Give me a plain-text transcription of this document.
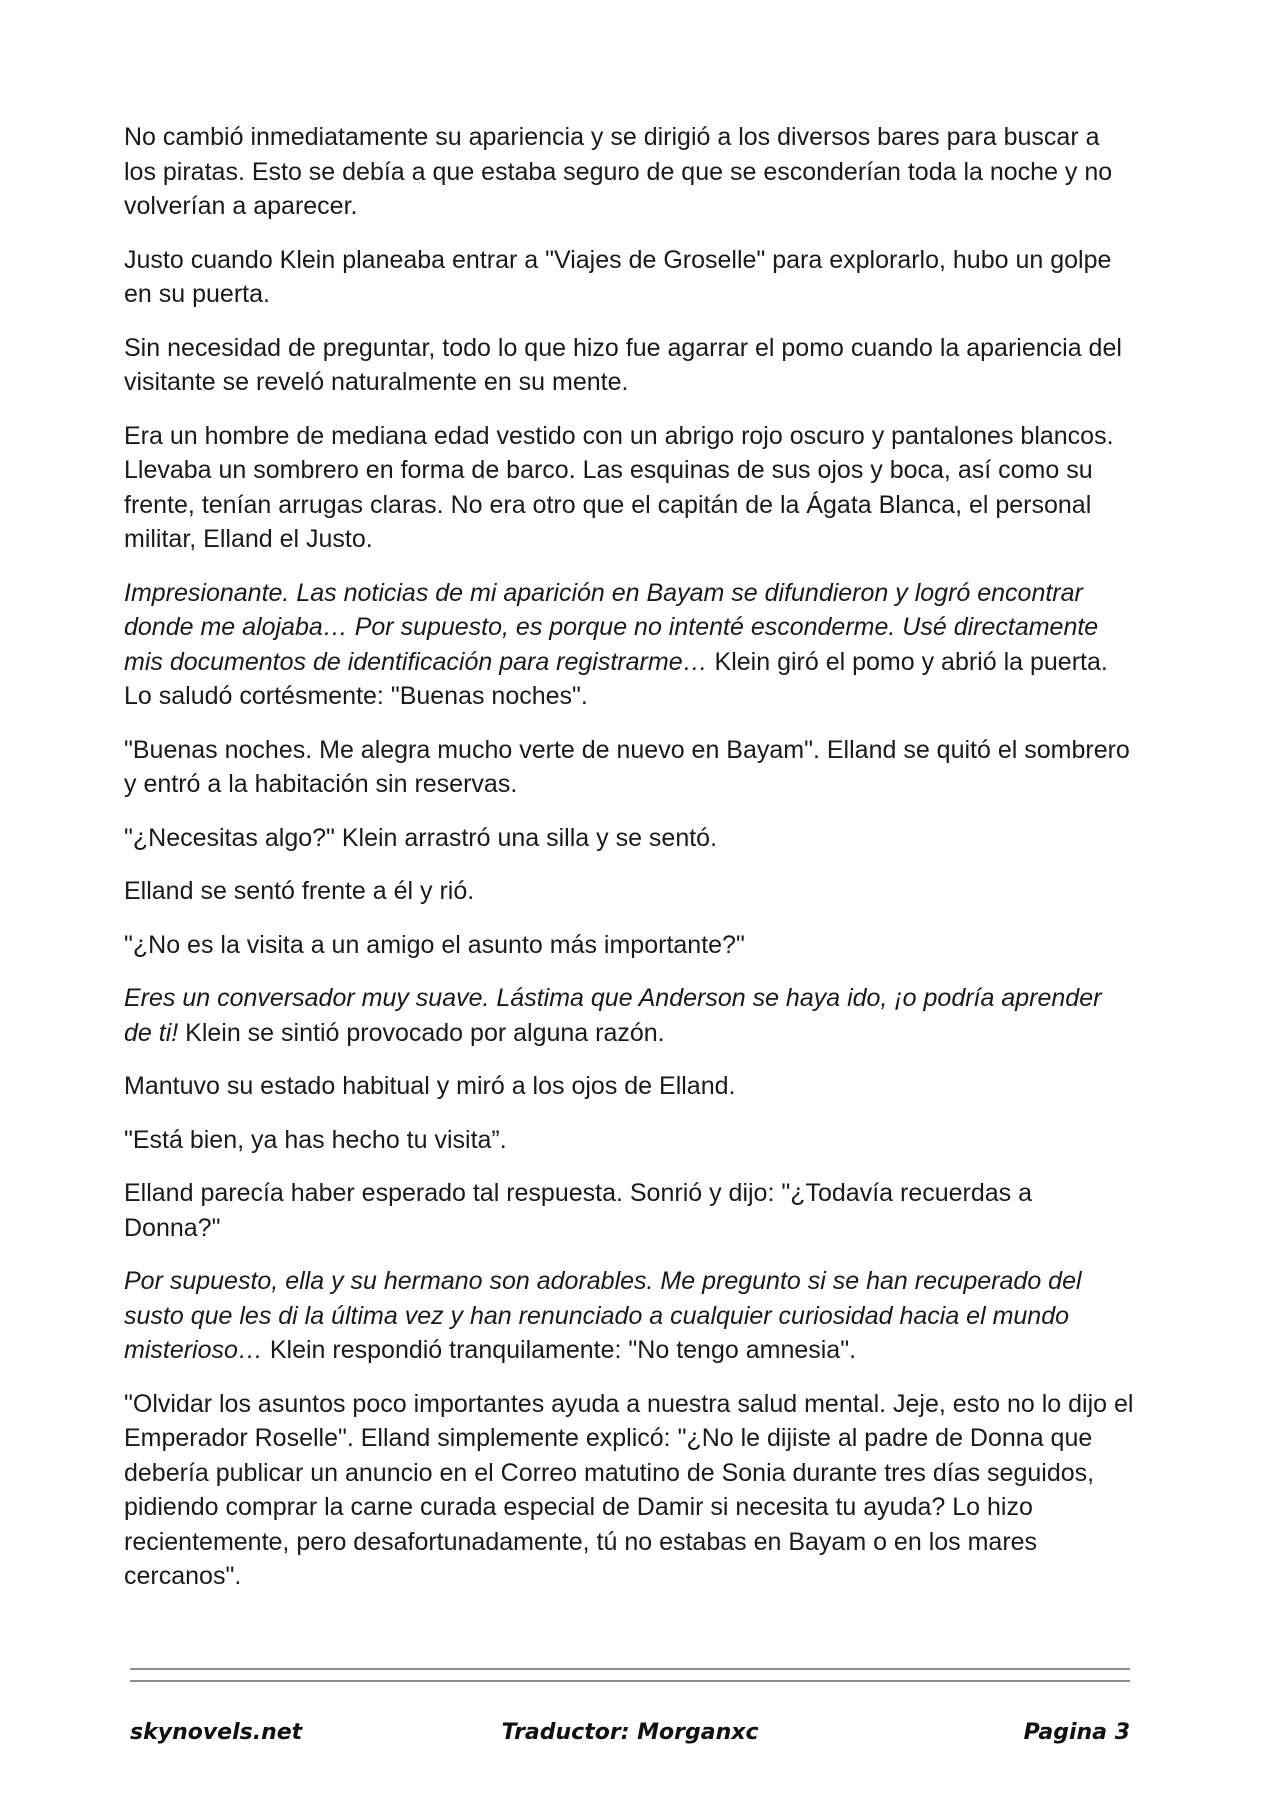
No cambió inmediatamente su apariencia y se dirigió a los diversos bares para buscar a los piratas. Esto se debía a que estaba seguro de que se esconderían toda la noche y no volverían a aparecer.

Justo cuando Klein planeaba entrar a "Viajes de Groselle" para explorarlo, hubo un golpe en su puerta.

Sin necesidad de preguntar, todo lo que hizo fue agarrar el pomo cuando la apariencia del visitante se reveló naturalmente en su mente.

Era un hombre de mediana edad vestido con un abrigo rojo oscuro y pantalones blancos. Llevaba un sombrero en forma de barco. Las esquinas de sus ojos y boca, así como su frente, tenían arrugas claras. No era otro que el capitán de la Ágata Blanca, el personal militar, Elland el Justo.

Impresionante. Las noticias de mi aparición en Bayam se difundieron y logró encontrar donde me alojaba… Por supuesto, es porque no intenté esconderme. Usé directamente mis documentos de identificación para registrarme… Klein giró el pomo y abrió la puerta. Lo saludó cortésmente: "Buenas noches".

"Buenas noches. Me alegra mucho verte de nuevo en Bayam". Elland se quitó el sombrero y entró a la habitación sin reservas.

"¿Necesitas algo?" Klein arrastró una silla y se sentó.

Elland se sentó frente a él y rió.

"¿No es la visita a un amigo el asunto más importante?"

Eres un conversador muy suave. Lástima que Anderson se haya ido, ¡o podría aprender de ti! Klein se sintió provocado por alguna razón.

Mantuvo su estado habitual y miró a los ojos de Elland.

"Está bien, ya has hecho tu visita”.

Elland parecía haber esperado tal respuesta. Sonrió y dijo: "¿Todavía recuerdas a Donna?"

Por supuesto, ella y su hermano son adorables. Me pregunto si se han recuperado del susto que les di la última vez y han renunciado a cualquier curiosidad hacia el mundo misterioso… Klein respondió tranquilamente: "No tengo amnesia".

"Olvidar los asuntos poco importantes ayuda a nuestra salud mental. Jeje, esto no lo dijo el Emperador Roselle". Elland simplemente explicó: "¿No le dijiste al padre de Donna que debería publicar un anuncio en el Correo matutino de Sonia durante tres días seguidos, pidiendo comprar la carne curada especial de Damir si necesita tu ayuda? Lo hizo recientemente, pero desafortunadamente, tú no estabas en Bayam o en los mares cercanos".

skynovels.net	Traductor: Morganxc	Pagina 3
